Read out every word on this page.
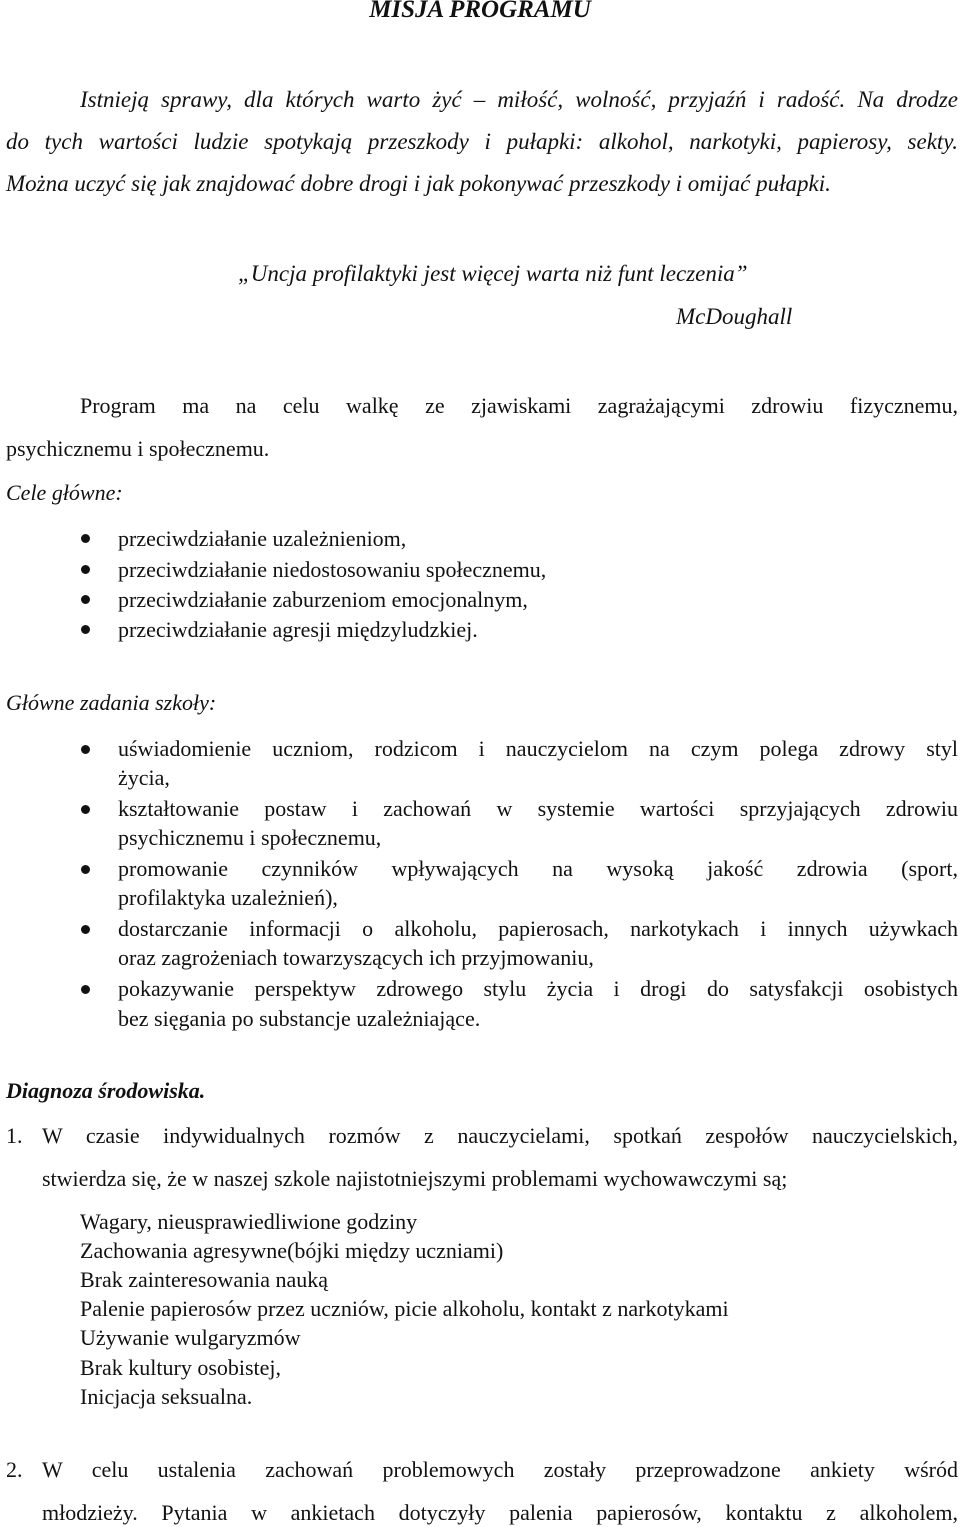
MISJA PROGRAMU
Istnieją sprawy, dla których warto żyć – miłość, wolność, przyjaźń i radość. Na drodze
do tych wartości ludzie spotykają przeszkody i pułapki: alkohol, narkotyki, papierosy, sekty.
Można uczyć się jak znajdować dobre drogi i jak pokonywać przeszkody i omijać pułapki.
„Uncja profilaktyki jest więcej warta niż funt leczenia”
McDoughall
Program ma na celu walkę ze zjawiskami zagrażającymi zdrowiu fizycznemu,
psychicznemu i społecznemu.
Cele główne:
przeciwdziałanie uzależnieniom,
przeciwdziałanie niedostosowaniu społecznemu,
przeciwdziałanie zaburzeniom emocjonalnym,
przeciwdziałanie agresji międzyludzkiej.
Główne zadania szkoły:
uświadomienie uczniom, rodzicom i nauczycielom na czym polega zdrowy styl
życia,
kształtowanie postaw i zachowań w systemie wartości sprzyjających zdrowiu
psychicznemu i społecznemu,
promowanie czynników wpływających na wysoką jakość zdrowia (sport,
profilaktyka uzależnień),
dostarczanie informacji o alkoholu, papierosach, narkotykach i innych używkach
oraz zagrożeniach towarzyszących ich przyjmowaniu,
pokazywanie perspektyw zdrowego stylu życia i drogi do satysfakcji osobistych
bez sięgania po substancje uzależniające.
Diagnoza środowiska.
1. W czasie indywidualnych rozmów z nauczycielami, spotkań zespołów nauczycielskich,
stwierdza się, że w naszej szkole najistotniejszymi problemami wychowawczymi są;
Wagary, nieusprawiedliwione godziny
Zachowania agresywne(bójki między uczniami)
Brak zainteresowania nauką
Palenie papierosów przez uczniów, picie alkoholu, kontakt z narkotykami
Używanie wulgaryzmów
Brak kultury osobistej,
Inicjacja seksualna.
2. W celu ustalenia zachowań problemowych zostały przeprowadzone ankiety wśród
młodzieży. Pytania w ankietach dotyczyły palenia papierosów, kontaktu z alkoholem,
